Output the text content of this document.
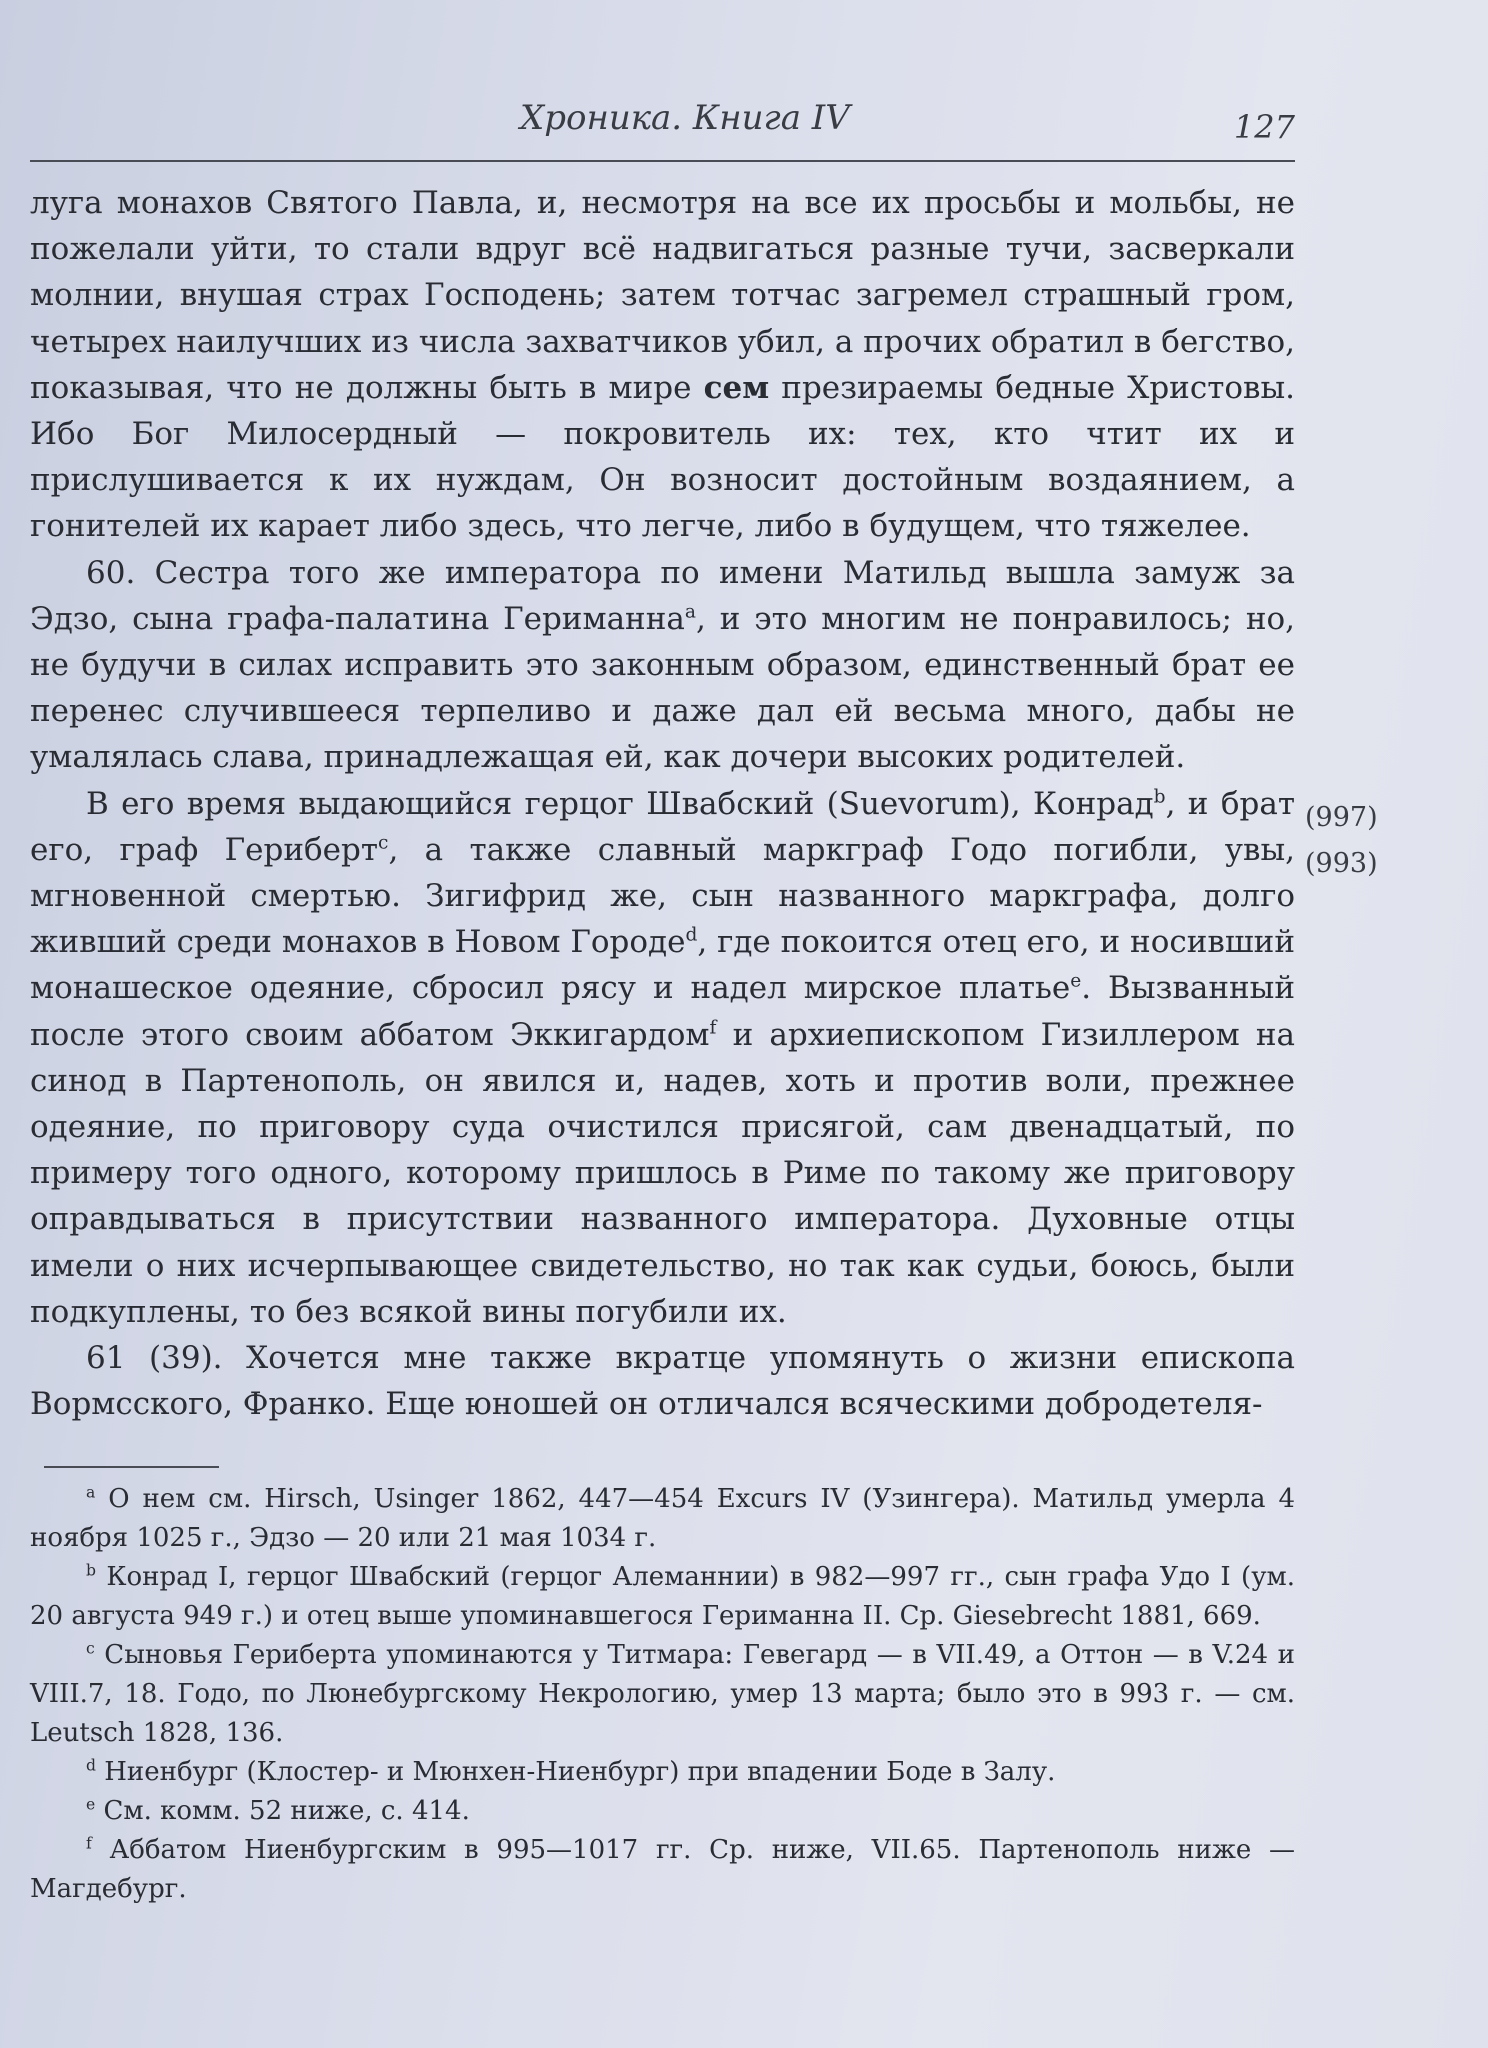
Хроника. Книга IV	127

луга монахов Святого Павла, и, несмотря на все их просьбы и мольбы, не пожелали уйти, то стали вдруг всё надвигаться разные тучи, засверкали молнии, внушая страх Господень; затем тотчас загремел страшный гром, четырех наилучших из числа захватчиков убил, а прочих обратил в бегство, показывая, что не должны быть в мире сем презираемы бедные Христовы. Ибо Бог Милосердный — покровитель их: тех, кто чтит их и прислушивается к их нуждам, Он возносит достойным воздаянием, а гонителей их карает либо здесь, что легче, либо в будущем, что тяжелее.

60. Сестра того же императора по имени Матильд вышла замуж за Эдзо, сына графа-палатина Гериманна$^a$, и это многим не понравилось; но, не будучи в силах исправить это законным образом, единственный брат ее перенес случившееся терпеливо и даже дал ей весьма много, дабы не умалялась слава, принадлежащая ей, как дочери высоких родителей.

В его время выдающийся герцог Швабский (Suevorum), Конрад$^b$, и брат его, граф Гериберт$^c$, а также славный маркграф Годо погибли, увы, мгновенной смертью. Зигифрид же, сын названного маркграфа, долго живший среди монахов в Новом Городе$^d$, где покоится отец его, и носивший монашеское одеяние, сбросил рясу и надел мирское платье$^e$. Вызванный после этого своим аббатом Эккигардом$^f$ и архиепископом Гизиллером на синод в Партенополь, он явился и, надев, хоть и против воли, прежнее одеяние, по приговору суда очистился присягой, сам двенадцатый, по примеру того одного, которому пришлось в Риме по такому же приговору оправдываться в присутствии названного императора. Духовные отцы имели о них исчерпывающее свидетельство, но так как судьи, боюсь, были подкуплены, то без всякой вины погубили их.

61 (39). Хочется мне также вкратце упомянуть о жизни епископа Вормсского, Франко. Еще юношей он отличался всяческими добродетеля-

(997)
(993)

$^a$ О нем см. Hirsch, Usinger 1862, 447—454 Excurs IV (Узингера). Матильд умерла 4 ноября 1025 г., Эдзо — 20 или 21 мая 1034 г.

$^b$ Конрад I, герцог Швабский (герцог Алеманнии) в 982—997 гг., сын графа Удо I (ум. 20 августа 949 г.) и отец выше упоминавшегося Гериманна II. Ср. Giesebrecht 1881, 669.

$^c$ Сыновья Гериберта упоминаются у Титмара: Гевегард — в VII.49, а Оттон — в V.24 и VIII.7, 18. Годо, по Люнебургскому Некрологию, умер 13 марта; было это в 993 г. — см. Leutsch 1828, 136.

$^d$ Ниенбург (Клостер- и Мюнхен-Ниенбург) при впадении Боде в Залу.

$^e$ См. комм. 52 ниже, с. 414.

$^f$ Аббатом Ниенбургским в 995—1017 гг. Ср. ниже, VII.65. Партенополь ниже — Магдебург.
